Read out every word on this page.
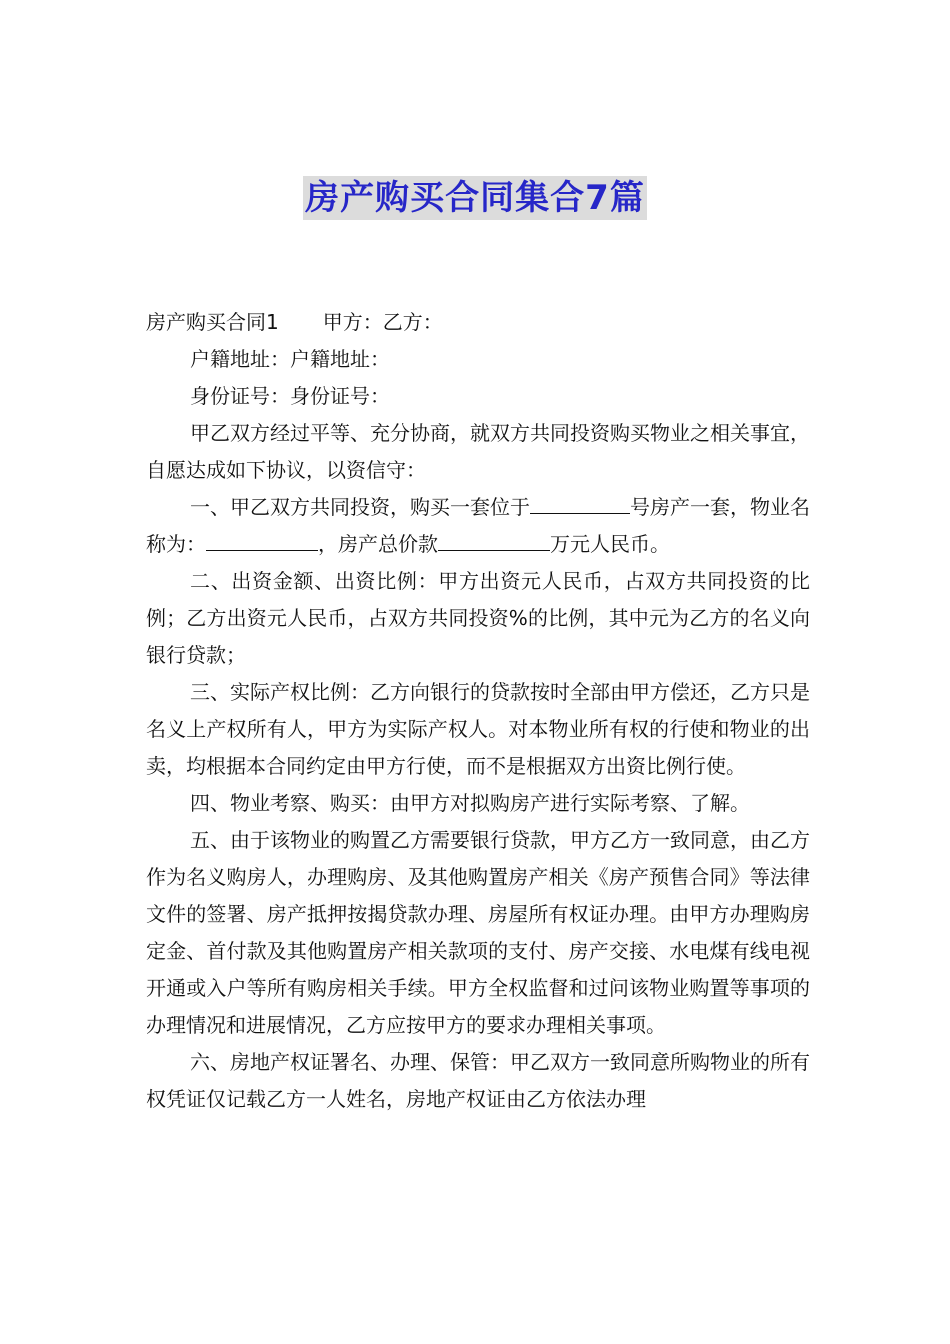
房产购买合同集合7篇

房产购买合同1 甲方：乙方：

户籍地址：户籍地址：

身份证号：身份证号：

甲乙双方经过平等、充分协商，就双方共同投资购买物业之相关事宜，自愿达成如下协议，以资信守：

一、甲乙双方共同投资，购买一套位于	号房产一套，物业名称为：	，房产总价款	万元人民币。

二、出资金额、出资比例：甲方出资元人民币，占双方共同投资的比例；乙方出资元人民币，占双方共同投资%的比例，其中元为乙方的名义向银行贷款；

三、实际产权比例：乙方向银行的贷款按时全部由甲方偿还，乙方只是名义上产权所有人，甲方为实际产权人。对本物业所有权的行使和物业的出卖，均根据本合同约定由甲方行使，而不是根据双方出资比例行使。

四、物业考察、购买：由甲方对拟购房产进行实际考察、了解。

五、由于该物业的购置乙方需要银行贷款，甲方乙方一致同意，由乙方作为名义购房人，办理购房、及其他购置房产相关《房产预售合同》等法律文件的签署、房产抵押按揭贷款办理、房屋所有权证办理。由甲方办理购房定金、首付款及其他购置房产相关款项的支付、房产交接、水电煤有线电视开通或入户等所有购房相关手续。甲方全权监督和过问该物业购置等事项的办理情况和进展情况，乙方应按甲方的要求办理相关事项。

六、房地产权证署名、办理、保管：甲乙双方一致同意所购物业的所有权凭证仅记载乙方一人姓名，房地产权证由乙方依法办理
